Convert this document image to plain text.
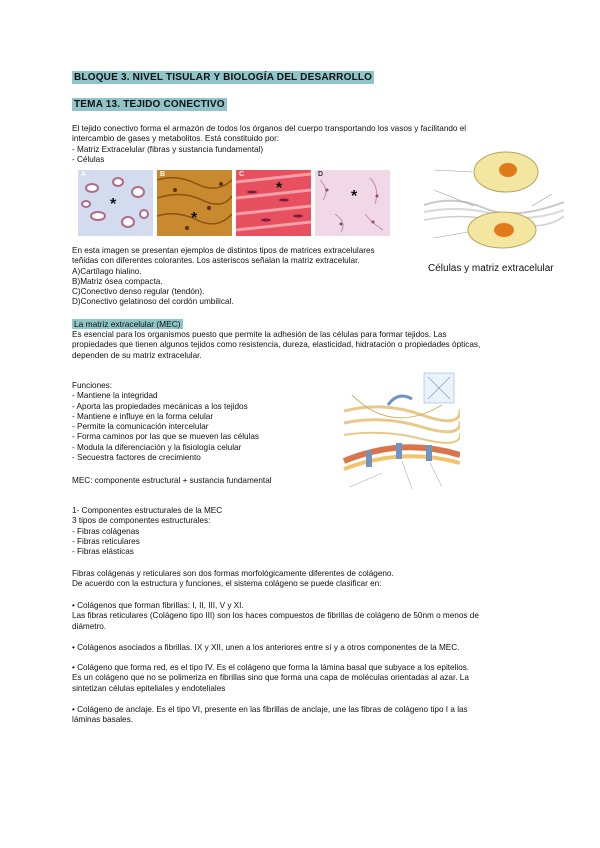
BLOQUE 3. NIVEL TISULAR Y BIOLOGÍA DEL DESARROLLO
TEMA 13. TEJIDO CONECTIVO
El tejido conectivo forma el armazón de todos los órganos del cuerpo transportando los vasos y facilitando el
intercambio de gases y metabolitos. Está constituido por:
- Matriz Extracelular (fibras y sustancia fundamental)
- Células
A
*
B
*
C
*
D
*
Células y matriz extracelular
En esta imagen se presentan ejemplos de distintos tipos de matrices extracelulares
teñidas con diferentes colorantes. Los asteriscos señalan la matriz extracelular.
A)Cartílago hialino.
B)Matriz ósea compacta.
C)Conectivo denso regular (tendón).
D)Conectivo gelatinoso del cordón umbilical.
La matriz extracelular (MEC)
Es esencial para los organismos puesto que permite la adhesión de las células para formar tejidos. Las
propiedades que tienen algunos tejidos como resistencia, dureza, elasticidad, hidratación o propiedades ópticas,
dependen de su matriz extracelular.
Funciones:
- Mantiene la integridad
- Aporta las propiedades mecánicas a los tejidos
- Mantiene e influye en la forma celular
- Permite la comunicación intercelular
- Forma caminos por las que se mueven las células
- Modula la diferenciación y la fisiología celular
- Secuestra factores de crecimiento
MEC: componente estructural + sustancia fundamental
1- Componentes estructurales de la MEC
3 tipos de componentes estructurales:
- Fibras colágenas
- Fibras reticulares
- Fibras elásticas
Fibras colágenas y reticulares son dos formas morfológicamente diferentes de colágeno.
De acuerdo con la estructura y funciones, el sistema colágeno se puede clasificar en:
• Colágenos que forman fibrillas: I, II, III, V y XI.
Las fibras reticulares (Colágeno tipo III) son los haces compuestos de fibrillas de colágeno de 50nm o menos de
diámetro.
• Colágenos asociados a fibrillas. IX y XII, unen a los anteriores entre sí y a otros componentes de la MEC.
• Colágeno que forma red, es el tipo IV. Es el colágeno que forma la lámina basal que subyace a los epitelios.
Es un colágeno que no se polimeriza en fibrillas sino que forma una capa de moléculas orientadas al azar. La
sintetizan células epiteliales y endoteliales
• Colágeno de anclaje. Es el tipo VI, presente en las fibrillas de anclaje, une las fibras de colágeno tipo I a las
láminas basales.
